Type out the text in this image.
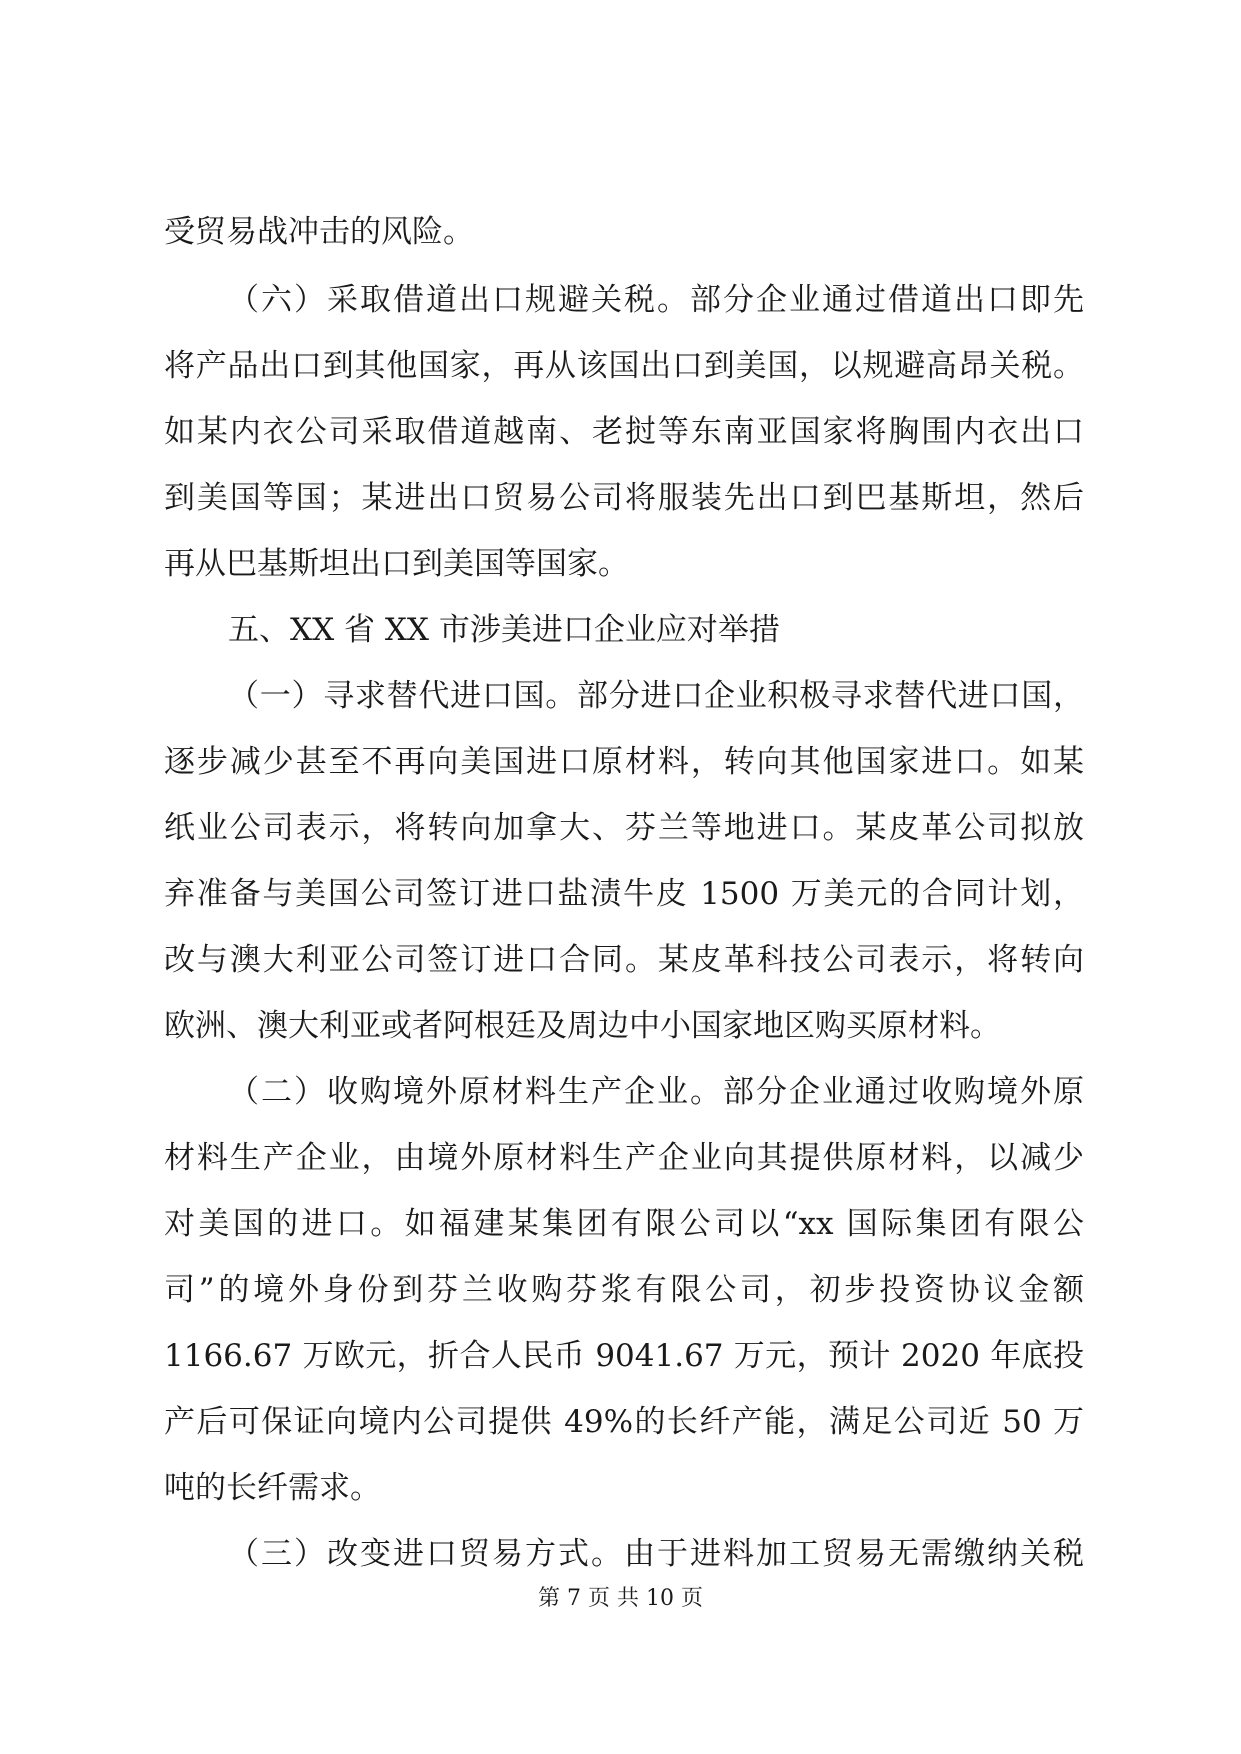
受贸易战冲击的风险。
（六）采取借道出口规避关税。部分企业通过借道出口即先
将产品出口到其他国家，再从该国出口到美国，以规避高昂关税。
如某内衣公司采取借道越南、老挝等东南亚国家将胸围内衣出口
到美国等国；某进出口贸易公司将服装先出口到巴基斯坦，然后
再从巴基斯坦出口到美国等国家。
五、XX 省 XX 市涉美进口企业应对举措
（一）寻求替代进口国。部分进口企业积极寻求替代进口国，
逐步减少甚至不再向美国进口原材料，转向其他国家进口。如某
纸业公司表示，将转向加拿大、芬兰等地进口。某皮革公司拟放
弃准备与美国公司签订进口盐渍牛皮 1500 万美元的合同计划，
改与澳大利亚公司签订进口合同。某皮革科技公司表示，将转向
欧洲、澳大利亚或者阿根廷及周边中小国家地区购买原材料。
（二）收购境外原材料生产企业。部分企业通过收购境外原
材料生产企业，由境外原材料生产企业向其提供原材料，以减少
对美国的进口。如福建某集团有限公司以“xx 国际集团有限公
司”的境外身份到芬兰收购芬浆有限公司，初步投资协议金额
1166.67 万欧元，折合人民币 9041.67 万元，预计 2020 年底投
产后可保证向境内公司提供 49%的长纤产能，满足公司近 50 万
吨的长纤需求。
（三）改变进口贸易方式。由于进料加工贸易无需缴纳关税
第 7 页 共 10 页
